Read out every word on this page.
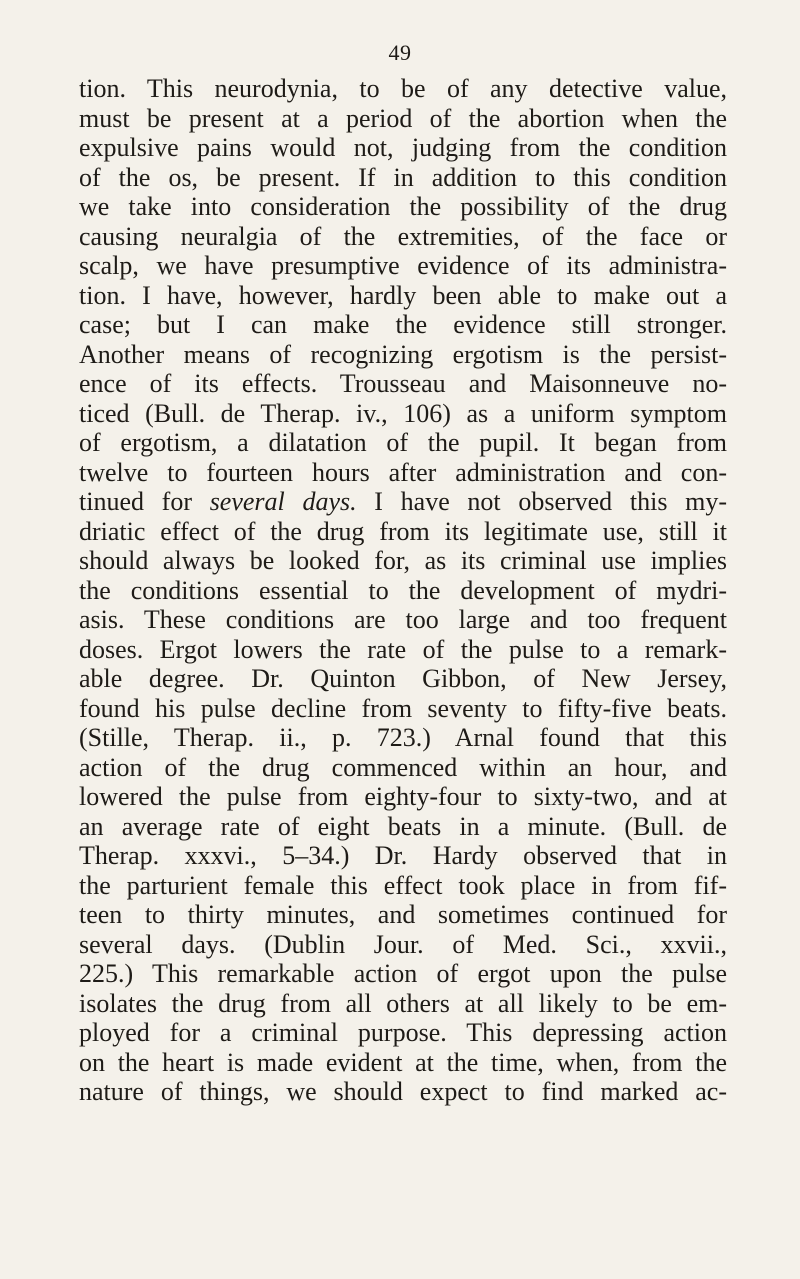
49
tion. This neurodynia, to be of any detective value,
must be present at a period of the abortion when the
expulsive pains would not, judging from the condition
of the os, be present. If in addition to this condition
we take into consideration the possibility of the drug
causing neuralgia of the extremities, of the face or
scalp, we have presumptive evidence of its administra-
tion. I have, however, hardly been able to make out a
case; but I can make the evidence still stronger.
Another means of recognizing ergotism is the persist-
ence of its effects. Trousseau and Maisonneuve no-
ticed (Bull. de Therap. iv., 106) as a uniform symptom
of ergotism, a dilatation of the pupil. It began from
twelve to fourteen hours after administration and con-
tinued for several days. I have not observed this my-
driatic effect of the drug from its legitimate use, still it
should always be looked for, as its criminal use implies
the conditions essential to the development of mydri-
asis. These conditions are too large and too frequent
doses. Ergot lowers the rate of the pulse to a remark-
able degree. Dr. Quinton Gibbon, of New Jersey,
found his pulse decline from seventy to fifty-five beats.
(Stille, Therap. ii., p. 723.) Arnal found that this
action of the drug commenced within an hour, and
lowered the pulse from eighty-four to sixty-two, and at
an average rate of eight beats in a minute. (Bull. de
Therap. xxxvi., 5–34.) Dr. Hardy observed that in
the parturient female this effect took place in from fif-
teen to thirty minutes, and sometimes continued for
several days. (Dublin Jour. of Med. Sci., xxvii.,
225.) This remarkable action of ergot upon the pulse
isolates the drug from all others at all likely to be em-
ployed for a criminal purpose. This depressing action
on the heart is made evident at the time, when, from the
nature of things, we should expect to find marked ac-
